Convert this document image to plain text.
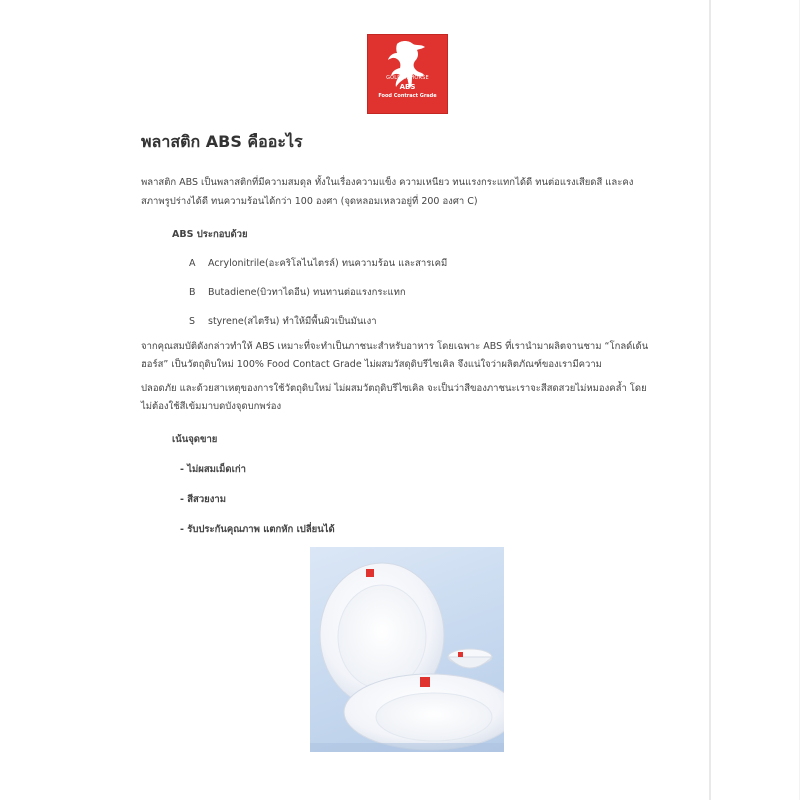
GOLDEN HORSE
ABS
Food Contract Grade
พลาสติก ABS คืออะไร
พลาสติก ABS เป็นพลาสติกที่มีความสมดุล ทั้งในเรื่องความแข็ง ความเหนียว ทนแรงกระแทกได้ดี ทนต่อแรงเสียดสี และคง
สภาพรูปร่างได้ดี ทนความร้อนได้กว่า 100 องศา (จุดหลอมเหลวอยู่ที่ 200 องศา C)
ABS ประกอบด้วย
A Acrylonitrile(อะคริโลไนไตรล์) ทนความร้อน และสารเคมี
B Butadiene(บิวทาไดอีน) ทนทานต่อแรงกระแทก
S styrene(สไตรีน) ทำให้มีพื้นผิวเป็นมันเงา
จากคุณสมบัติดังกล่าวทำให้ ABS เหมาะที่จะทำเป็นภาชนะสำหรับอาหาร โดยเฉพาะ ABS ที่เรานำมาผลิตจานชาม “โกลด์เด้น
ฮอร์ส” เป็นวัตถุดิบใหม่ 100% Food Contact Grade ไม่ผสมวัสดุดิบรีไซเคิล จึงแน่ใจว่าผลิตภัณฑ์ของเรามีความ
ปลอดภัย และด้วยสาเหตุของการใช้วัตถุดิบใหม่ ไม่ผสมวัตถุดิบรีไซเคิล จะเป็นว่าสีของภาชนะเราจะสีสดสวยไม่หมองคล้ำ โดย
ไม่ต้องใช้สีเข้มมาบดบังจุดบกพร่อง
เน้นจุดขาย
- ไม่ผสมเม็ดเก่า
- สีสวยงาม
- รับประกันคุณภาพ แตกหัก เปลี่ยนได้
